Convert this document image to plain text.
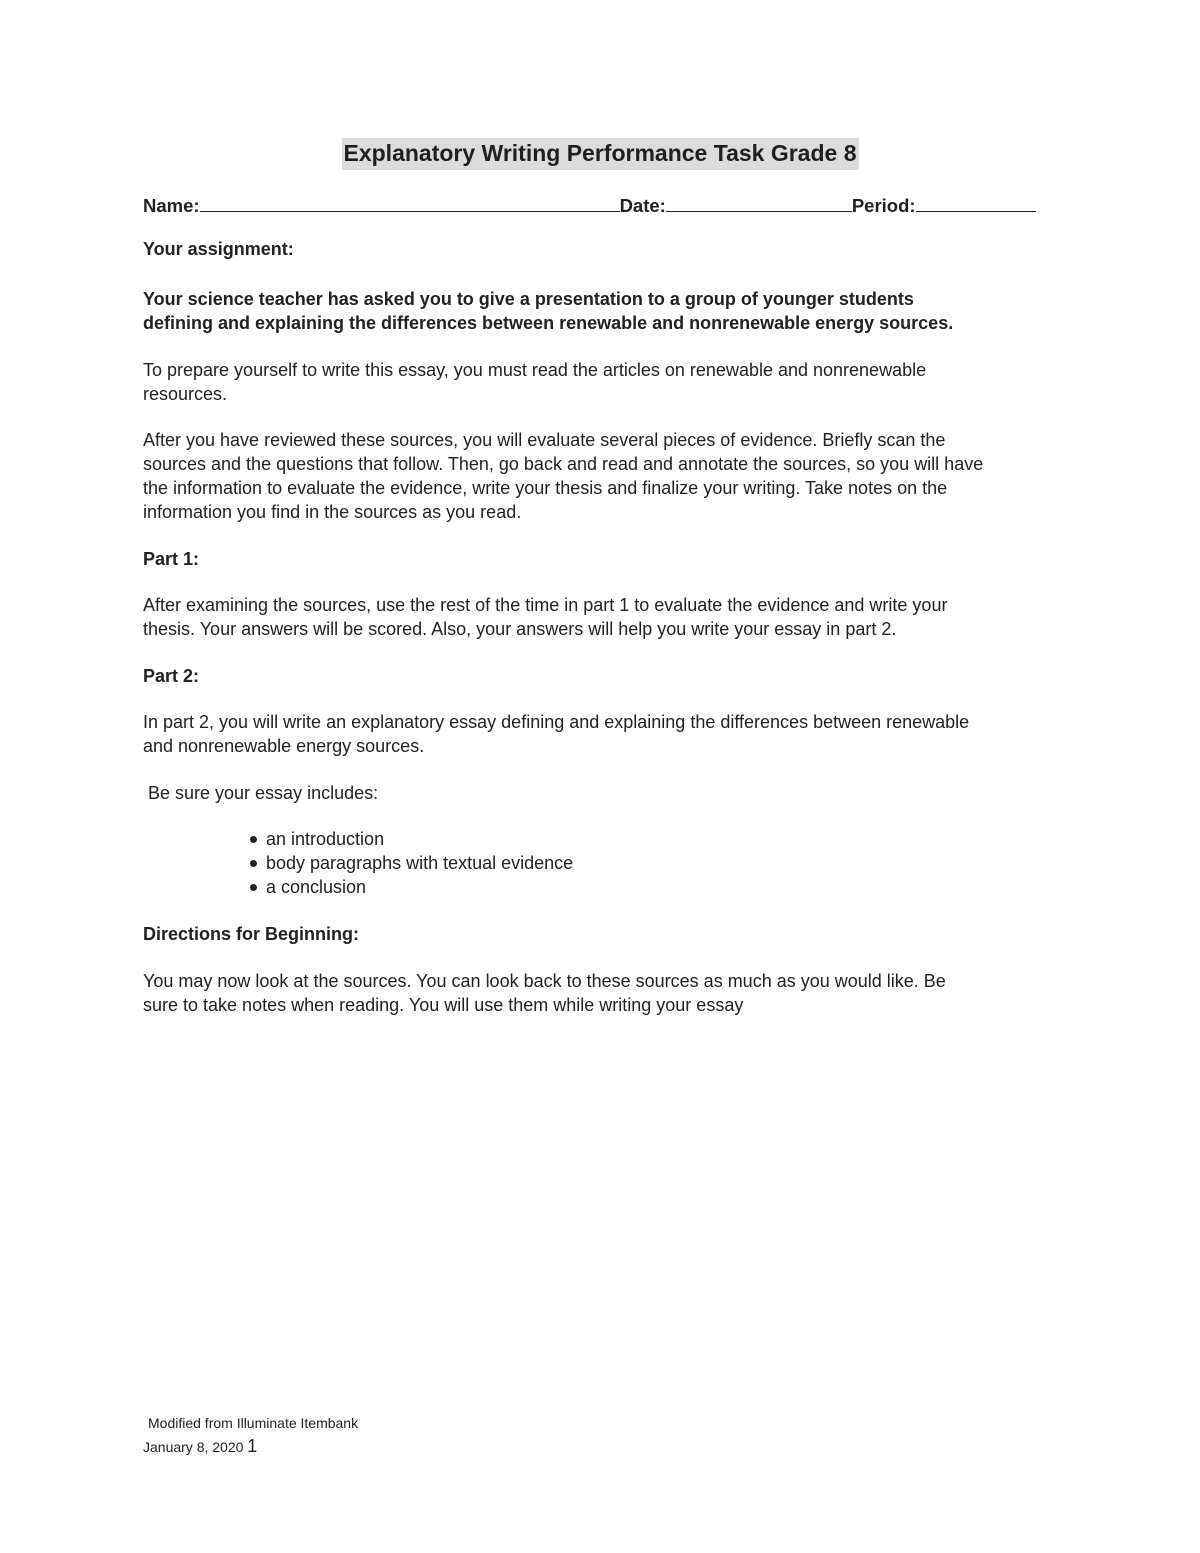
Explanatory Writing Performance Task Grade 8
Name:	Date:	Period:
Your assignment:
Your science teacher has asked you to give a presentation to a group of younger students
defining and explaining the differences between renewable and nonrenewable energy sources.
To prepare yourself to write this essay, you must read the articles on renewable and nonrenewable
resources.
After you have reviewed these sources, you will evaluate several pieces of evidence. Briefly scan the
sources and the questions that follow. Then, go back and read and annotate the sources, so you will have
the information to evaluate the evidence, write your thesis and finalize your writing. Take notes on the
information you find in the sources as you read.
Part 1:
After examining the sources, use the rest of the time in part 1 to evaluate the evidence and write your
thesis. Your answers will be scored. Also, your answers will help you write your essay in part 2.
Part 2:
In part 2, you will write an explanatory essay defining and explaining the differences between renewable
and nonrenewable energy sources.
Be sure your essay includes:
an introduction
body paragraphs with textual evidence
a conclusion
Directions for Beginning:
You may now look at the sources. You can look back to these sources as much as you would like. Be
sure to take notes when reading. You will use them while writing your essay
Modified from Illuminate Itembank
January 8, 2020 1
